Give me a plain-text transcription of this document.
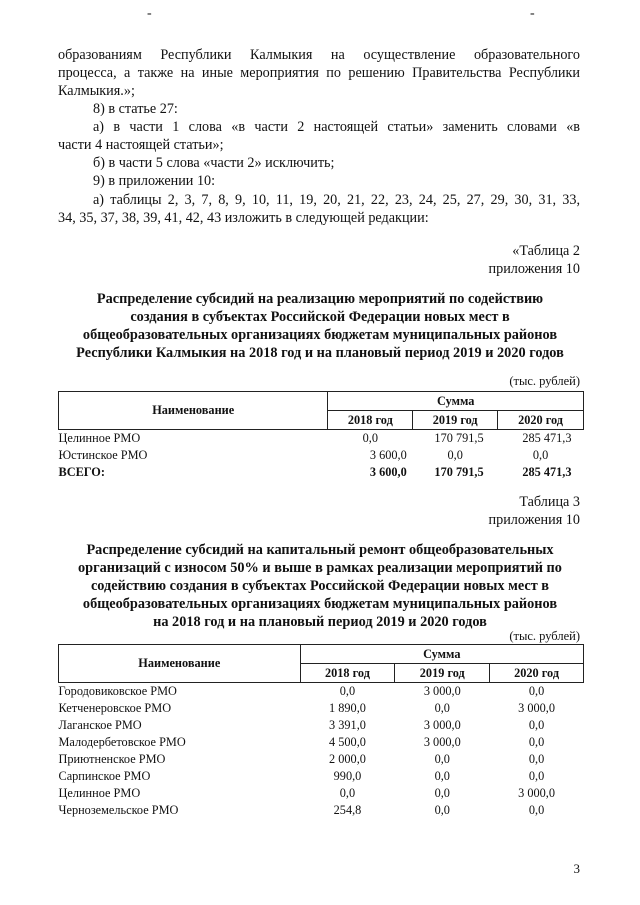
-	-
образованиям Республики Калмыкия на осуществление образовательного
процесса, а также на иные мероприятия по решению Правительства Республики
Калмыкия.»;
8) в статье 27:
а) в части 1 слова «в части 2 настоящей статьи» заменить словами «в
части 4 настоящей статьи»;
б) в части 5 слова «части 2» исключить;
9) в приложении 10:
а) таблицы 2, 3, 7, 8, 9, 10, 11, 19, 20, 21, 22, 23, 24, 25, 27, 29, 30, 31, 33,
34, 35, 37, 38, 39, 41, 42, 43 изложить в следующей редакции:
«Таблица 2
приложения 10
Распределение субсидий на реализацию мероприятий по содействию
создания в субъектах Российской Федерации новых мест в
общеобразовательных организациях бюджетам муниципальных районов
Республики Калмыкия на 2018 год и на плановый период 2019 и 2020 годов
(тыс. рублей)
Наименование	Сумма		
	2018 год	2019 год	2020 год
Целинное РМО	0,0	170 791,5	285 471,3
Юстинское РМО	3 600,0	0,0	0,0
ВСЕГО:	3 600,0	170 791,5	285 471,3
Таблица 3
приложения 10
Распределение субсидий на капитальный ремонт общеобразовательных
организаций с износом 50% и выше в рамках реализации мероприятий по
содействию создания в субъектах Российской Федерации новых мест в
общеобразовательных организациях бюджетам муниципальных районов
на 2018 год и на плановый период 2019 и 2020 годов
(тыс. рублей)
Наименование	Сумма		
	2018 год	2019 год	2020 год
Городовиковское РМО	0,0	3 000,0	0,0
Кетченеровское РМО	1 890,0	0,0	3 000,0
Лаганское РМО	3 391,0	3 000,0	0,0
Малодербетовское РМО	4 500,0	3 000,0	0,0
Приютненское РМО	2 000,0	0,0	0,0
Сарпинское РМО	990,0	0,0	0,0
Целинное РМО	0,0	0,0	3 000,0
Черноземельское РМО	254,8	0,0	0,0
3
